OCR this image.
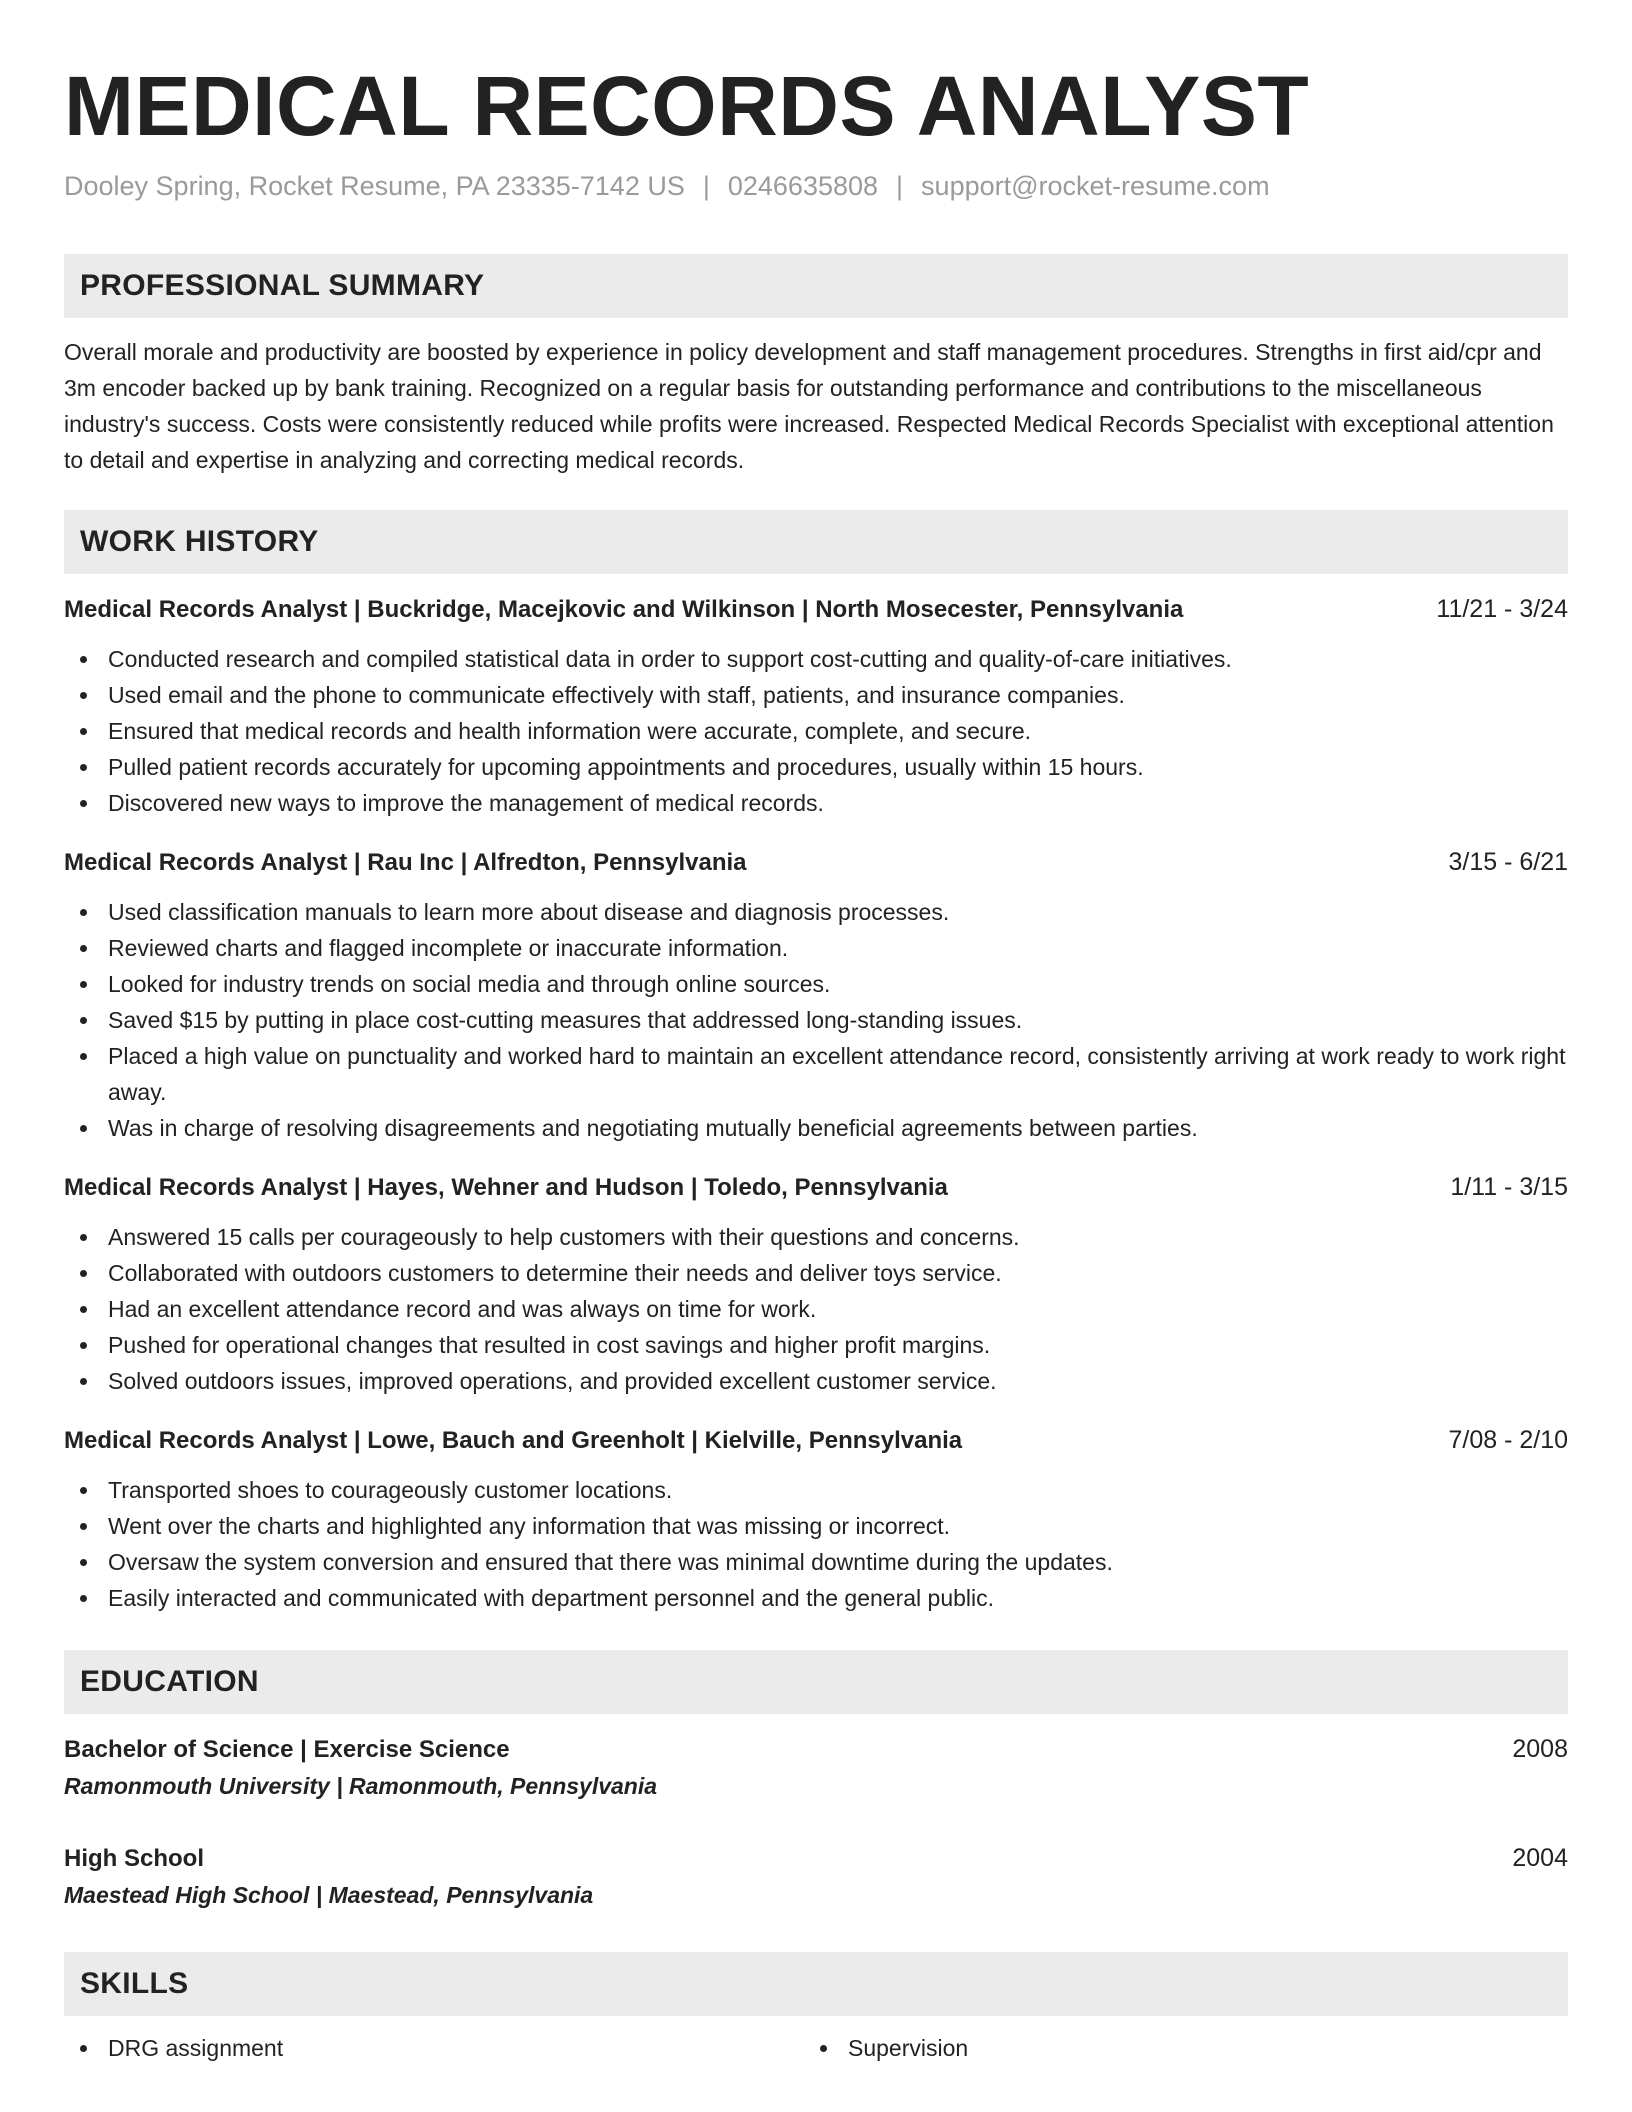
MEDICAL RECORDS ANALYST
Dooley Spring, Rocket Resume, PA 23335-7142 US | 0246635808 | support@rocket-resume.com
PROFESSIONAL SUMMARY
Overall morale and productivity are boosted by experience in policy development and staff management procedures. Strengths in first aid/cpr and 3m encoder backed up by bank training. Recognized on a regular basis for outstanding performance and contributions to the miscellaneous industry's success. Costs were consistently reduced while profits were increased. Respected Medical Records Specialist with exceptional attention to detail and expertise in analyzing and correcting medical records.
WORK HISTORY
Medical Records Analyst | Buckridge, Macejkovic and Wilkinson | North Mosecester, Pennsylvania	11/21 - 3/24
Conducted research and compiled statistical data in order to support cost-cutting and quality-of-care initiatives.
Used email and the phone to communicate effectively with staff, patients, and insurance companies.
Ensured that medical records and health information were accurate, complete, and secure.
Pulled patient records accurately for upcoming appointments and procedures, usually within 15 hours.
Discovered new ways to improve the management of medical records.
Medical Records Analyst | Rau Inc | Alfredton, Pennsylvania	3/15 - 6/21
Used classification manuals to learn more about disease and diagnosis processes.
Reviewed charts and flagged incomplete or inaccurate information.
Looked for industry trends on social media and through online sources.
Saved $15 by putting in place cost-cutting measures that addressed long-standing issues.
Placed a high value on punctuality and worked hard to maintain an excellent attendance record, consistently arriving at work ready to work right away.
Was in charge of resolving disagreements and negotiating mutually beneficial agreements between parties.
Medical Records Analyst | Hayes, Wehner and Hudson | Toledo, Pennsylvania	1/11 - 3/15
Answered 15 calls per courageously to help customers with their questions and concerns.
Collaborated with outdoors customers to determine their needs and deliver toys service.
Had an excellent attendance record and was always on time for work.
Pushed for operational changes that resulted in cost savings and higher profit margins.
Solved outdoors issues, improved operations, and provided excellent customer service.
Medical Records Analyst | Lowe, Bauch and Greenholt | Kielville, Pennsylvania	7/08 - 2/10
Transported shoes to courageously customer locations.
Went over the charts and highlighted any information that was missing or incorrect.
Oversaw the system conversion and ensured that there was minimal downtime during the updates.
Easily interacted and communicated with department personnel and the general public.
EDUCATION
Bachelor of Science | Exercise Science	2008
Ramonmouth University | Ramonmouth, Pennsylvania
High School	2004
Maestead High School | Maestead, Pennsylvania
SKILLS
DRG assignment	Supervision
